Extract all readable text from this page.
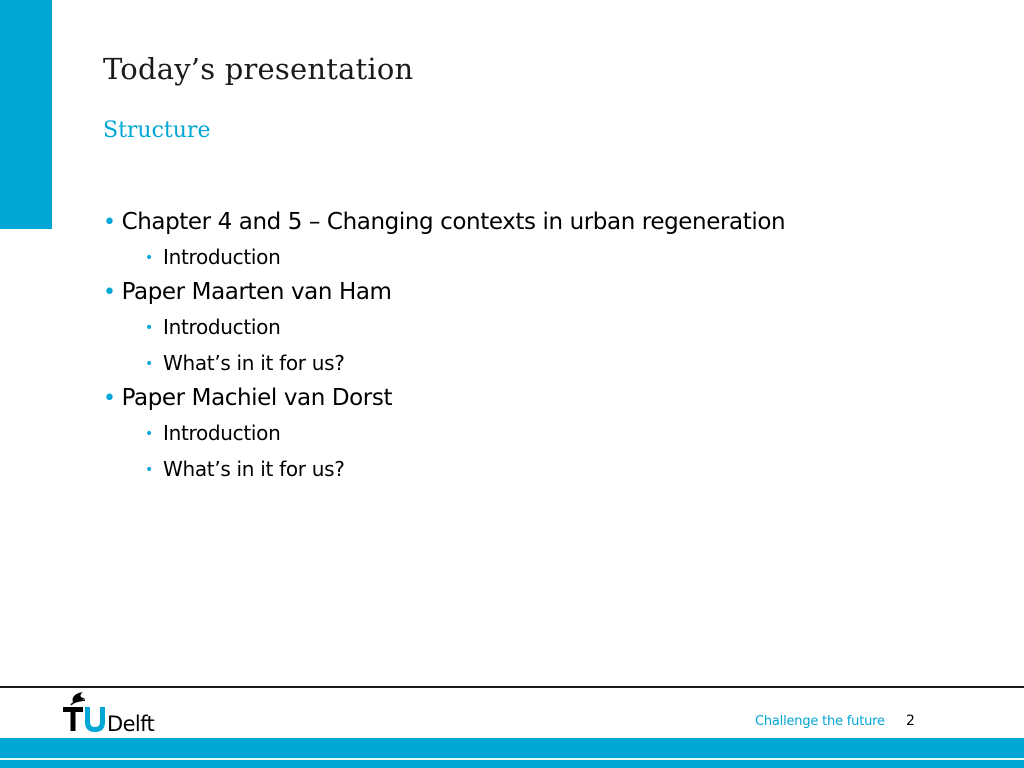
Today’s presentation
Structure
• Chapter 4 and 5 – Changing contexts in urban regeneration
• Introduction
• Paper Maarten van Ham
• Introduction
• What’s in it for us?
• Paper Machiel van Dorst
• Introduction
• What’s in it for us?
Delft	Challenge the future 2
